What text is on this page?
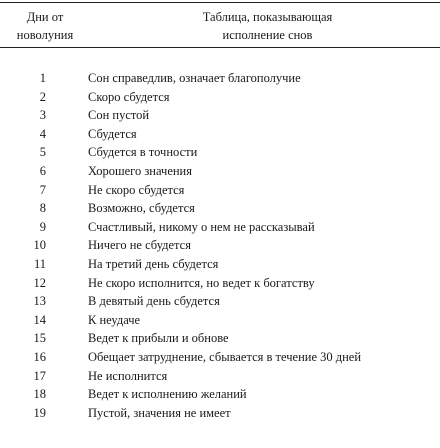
Дни от
новолуния
Таблица, показывающая
исполнение снов
1	Сон справедлив, означает благополучие
2	Скоро сбудется
3	Сон пустой
4	Сбудется
5	Сбудется в точности
6	Хорошего значения
7	Не скоро сбудется
8	Возможно, сбудется
9	Счастливый, никому о нем не рассказывай
10	Ничего не сбудется
11	На третий день сбудется
12	Не скоро исполнится, но ведет к богатству
13	В девятый день сбудется
14	К неудаче
15	Ведет к прибыли и обнове
16	Обещает затруднение, сбывается в течение 30 дней
17	Не исполнится
18	Ведет к исполнению желаний
19	Пустой, значения не имеет
